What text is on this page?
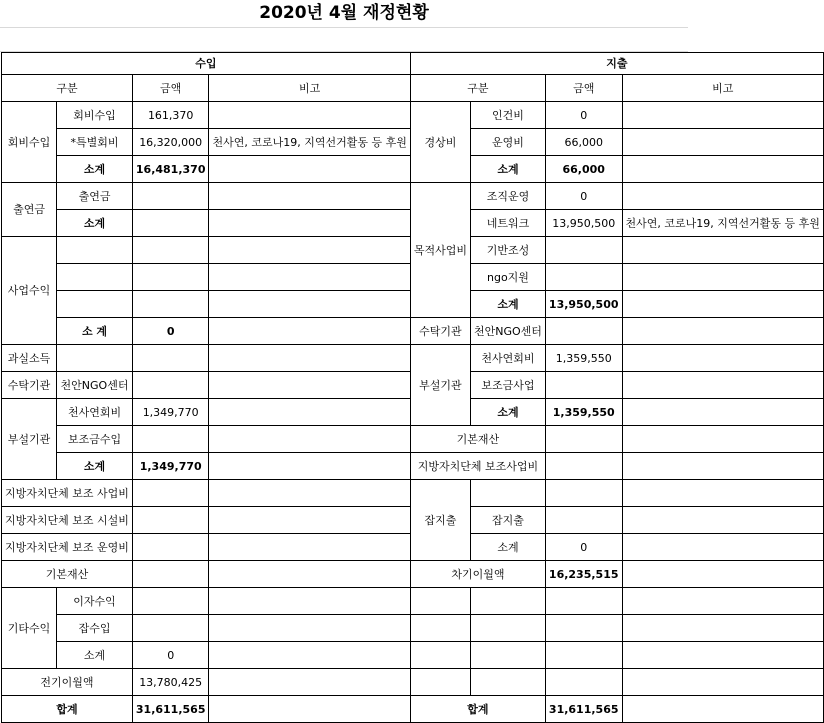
2020년 4월 재정현황
수입				지출			
구분		금액	비고	구분		금액	비고
회비수입	회비수입	161,370		경상비	인건비	0	
	*특별회비	16,320,000	천사연, 코로나19, 지역선거활동 등 후원		운영비	66,000	
	소계	16,481,370			소계	66,000	
출연금	출연금			목적사업비	조직운영	0	
	소계				네트워크	13,950,500	천사연, 코로나19, 지역선거활동 등 후원
사업수익					기반조성		
					ngo지원		
					소계	13,950,500	
	소 계	0		수탁기관	천안NGO센터		
과실소득				부설기관	천사연회비	1,359,550	
수탁기관	천안NGO센터				보조금사업		
부설기관	천사연회비	1,349,770			소계	1,359,550	
	보조금수입			기본재산			
	소계	1,349,770		지방자치단체 보조사업비			
지방자치단체 보조 사업비				잡지출			
지방자치단체 보조 시설비					잡지출		
지방자치단체 보조 운영비					소계	0	
기본재산				차기이월액		16,235,515	
기타수익	이자수익						
	잡수입						
	소계	0					
전기이월액		13,780,425					
합계		31,611,565		합계		31,611,565	
